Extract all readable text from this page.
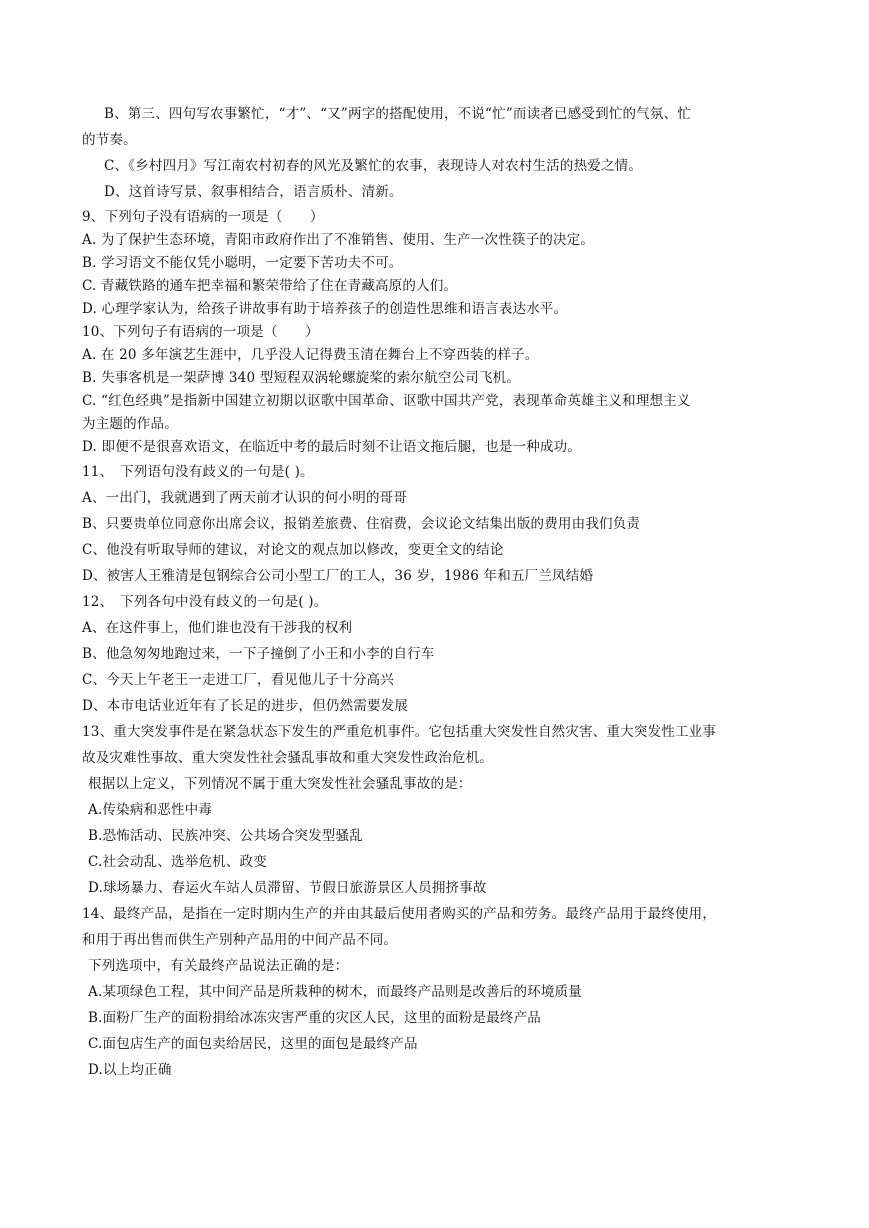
B、第三、四句写农事繁忙，“才”、“又”两字的搭配使用，不说“忙”而读者已感受到忙的气氛、忙
的节奏。
C、《乡村四月》写江南农村初春的风光及繁忙的农事，表现诗人对农村生活的热爱之情。
D、这首诗写景、叙事相结合，语言质朴、清新。
9、下列句子没有语病的一项是（　　）
A. 为了保护生态环境，青阳市政府作出了不准销售、使用、生产一次性筷子的决定。
B. 学习语文不能仅凭小聪明，一定要下苦功夫不可。
C. 青藏铁路的通车把幸福和繁荣带给了住在青藏高原的人们。
D. 心理学家认为，给孩子讲故事有助于培养孩子的创造性思维和语言表达水平。
10、下列句子有语病的一项是（　　）
A. 在 20 多年演艺生涯中，几乎没人记得费玉清在舞台上不穿西装的样子。
B. 失事客机是一架萨博 340 型短程双涡轮螺旋桨的索尔航空公司飞机。
C. “红色经典”是指新中国建立初期以讴歌中国革命、讴歌中国共产党，表现革命英雄主义和理想主义
为主题的作品。
D. 即便不是很喜欢语文，在临近中考的最后时刻不让语文拖后腿，也是一种成功。
11、　下列语句没有歧义的一句是( )。
A、一出门，我就遇到了两天前才认识的何小明的哥哥
B、只要贵单位同意你出席会议，报销差旅费、住宿费，会议论文结集出版的费用由我们负责
C、他没有听取导师的建议，对论文的观点加以修改，变更全文的结论
D、被害人王雅清是包钢综合公司小型工厂的工人，36 岁，1986 年和五厂兰凤结婚
12、　下列各句中没有歧义的一句是( )。
A、在这件事上，他们谁也没有干涉我的权利
B、他急匆匆地跑过来，一下子撞倒了小王和小李的自行车
C、今天上午老王一走进工厂，看见他儿子十分高兴
D、本市电话业近年有了长足的进步，但仍然需要发展
13、重大突发事件是在紧急状态下发生的严重危机事件。它包括重大突发性自然灾害、重大突发性工业事
故及灾难性事故、重大突发性社会骚乱事故和重大突发性政治危机。
根据以上定义，下列情况不属于重大突发性社会骚乱事故的是：
A.传染病和恶性中毒
B.恐怖活动、民族冲突、公共场合突发型骚乱
C.社会动乱、选举危机、政变
D.球场暴力、春运火车站人员滞留、节假日旅游景区人员拥挤事故
14、最终产品，是指在一定时期内生产的并由其最后使用者购买的产品和劳务。最终产品用于最终使用，
和用于再出售而供生产别种产品用的中间产品不同。
下列选项中，有关最终产品说法正确的是：
A.某项绿色工程，其中间产品是所栽种的树木，而最终产品则是改善后的环境质量
B.面粉厂生产的面粉捐给冰冻灾害严重的灾区人民，这里的面粉是最终产品
C.面包店生产的面包卖给居民，这里的面包是最终产品
D.以上均正确
